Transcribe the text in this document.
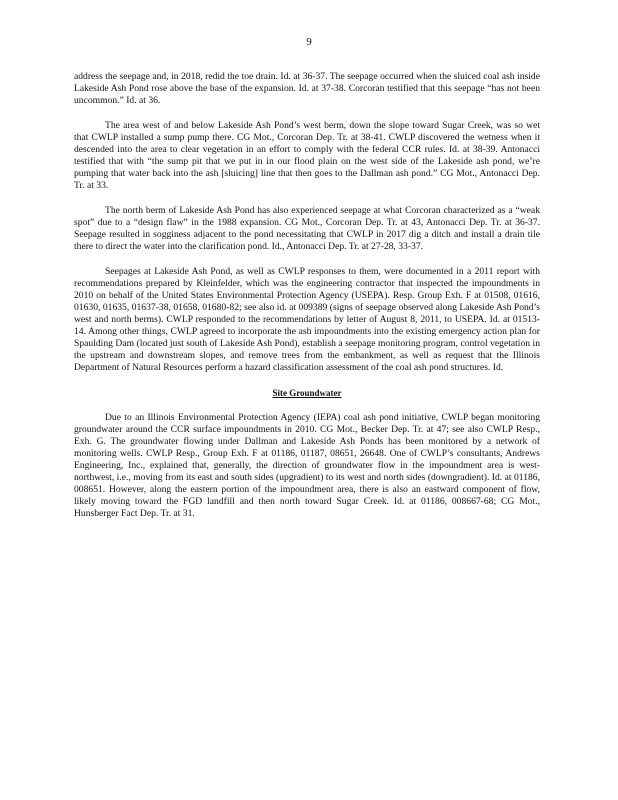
9

address the seepage and, in 2018, redid the toe drain. Id. at 36-37. The seepage occurred when the sluiced coal ash inside Lakeside Ash Pond rose above the base of the expansion. Id. at 37-38. Corcoran testified that this seepage “has not been uncommon.” Id. at 36.

The area west of and below Lakeside Ash Pond’s west berm, down the slope toward Sugar Creek, was so wet that CWLP installed a sump pump there. CG Mot., Corcoran Dep. Tr. at 38-41. CWLP discovered the wetness when it descended into the area to clear vegetation in an effort to comply with the federal CCR rules. Id. at 38-39. Antonacci testified that with “the sump pit that we put in in our flood plain on the west side of the Lakeside ash pond, we’re pumping that water back into the ash [sluicing] line that then goes to the Dallman ash pond.” CG Mot., Antonacci Dep. Tr. at 33.

The north berm of Lakeside Ash Pond has also experienced seepage at what Corcoran characterized as a “weak spot” due to a “design flaw” in the 1988 expansion. CG Mot., Corcoran Dep. Tr. at 43, Antonacci Dep. Tr. at 36-37. Seepage resulted in sogginess adjacent to the pond necessitating that CWLP in 2017 dig a ditch and install a drain tile there to direct the water into the clarification pond. Id., Antonacci Dep. Tr. at 27-28, 33-37.

Seepages at Lakeside Ash Pond, as well as CWLP responses to them, were documented in a 2011 report with recommendations prepared by Kleinfelder, which was the engineering contractor that inspected the impoundments in 2010 on behalf of the United States Environmental Protection Agency (USEPA). Resp. Group Exh. F at 01508, 01616, 01630, 01635, 01637-38, 01658, 01680-82; see also id. at 009389 (signs of seepage observed along Lakeside Ash Pond’s west and north berms). CWLP responded to the recommendations by letter of August 8, 2011, to USEPA. Id. at 01513-14. Among other things, CWLP agreed to incorporate the ash impoundments into the existing emergency action plan for Spaulding Dam (located just south of Lakeside Ash Pond), establish a seepage monitoring program, control vegetation in the upstream and downstream slopes, and remove trees from the embankment, as well as request that the Illinois Department of Natural Resources perform a hazard classification assessment of the coal ash pond structures. Id.

Site Groundwater

Due to an Illinois Environmental Protection Agency (IEPA) coal ash pond initiative, CWLP began monitoring groundwater around the CCR surface impoundments in 2010. CG Mot., Becker Dep. Tr. at 47; see also CWLP Resp., Exh. G. The groundwater flowing under Dallman and Lakeside Ash Ponds has been monitored by a network of monitoring wells. CWLP Resp., Group Exh. F at 01186, 01187, 08651, 26648. One of CWLP’s consultants, Andrews Engineering, Inc., explained that, generally, the direction of groundwater flow in the impoundment area is west-northwest, i.e., moving from its east and south sides (upgradient) to its west and north sides (downgradient). Id. at 01186, 008651. However, along the eastern portion of the impoundment area, there is also an eastward component of flow, likely moving toward the FGD landfill and then north toward Sugar Creek. Id. at 01186, 008667-68; CG Mot., Hunsberger Fact Dep. Tr. at 31.
